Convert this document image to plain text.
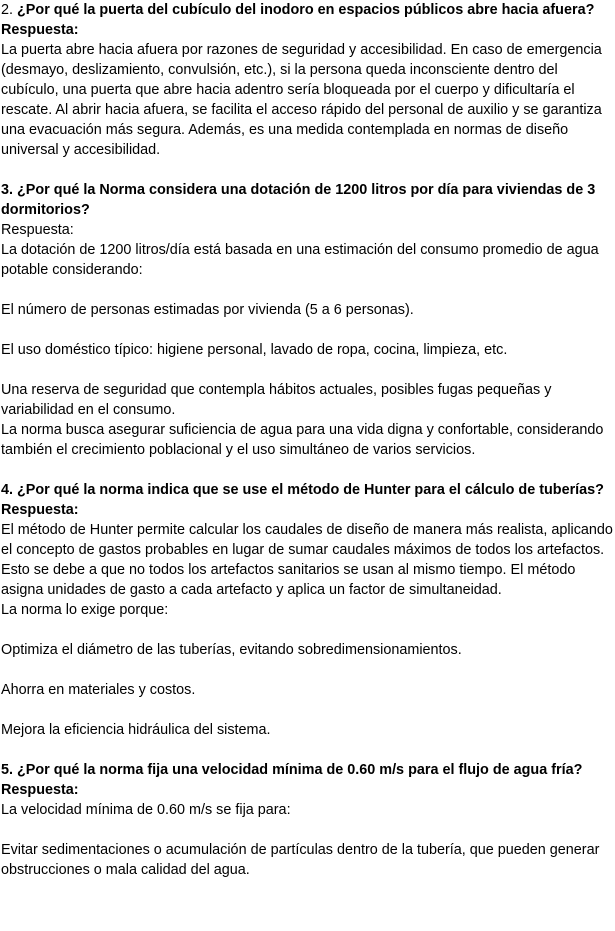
2. ¿Por qué la puerta del cubículo del inodoro en espacios públicos abre hacia afuera?

Respuesta:

La puerta abre hacia afuera por razones de seguridad y accesibilidad. En caso de emergencia (desmayo, deslizamiento, convulsión, etc.), si la persona queda inconsciente dentro del cubículo, una puerta que abre hacia adentro sería bloqueada por el cuerpo y dificultaría el rescate. Al abrir hacia afuera, se facilita el acceso rápido del personal de auxilio y se garantiza una evacuación más segura. Además, es una medida contemplada en normas de diseño universal y accesibilidad.

3. ¿Por qué la Norma considera una dotación de 1200 litros por día para viviendas de 3 dormitorios?

Respuesta:

La dotación de 1200 litros/día está basada en una estimación del consumo promedio de agua potable considerando:

El número de personas estimadas por vivienda (5 a 6 personas).

El uso doméstico típico: higiene personal, lavado de ropa, cocina, limpieza, etc.

Una reserva de seguridad que contempla hábitos actuales, posibles fugas pequeñas y variabilidad en el consumo.

La norma busca asegurar suficiencia de agua para una vida digna y confortable, considerando también el crecimiento poblacional y el uso simultáneo de varios servicios.

4. ¿Por qué la norma indica que se use el método de Hunter para el cálculo de tuberías?

Respuesta:

El método de Hunter permite calcular los caudales de diseño de manera más realista, aplicando el concepto de gastos probables en lugar de sumar caudales máximos de todos los artefactos. Esto se debe a que no todos los artefactos sanitarios se usan al mismo tiempo. El método asigna unidades de gasto a cada artefacto y aplica un factor de simultaneidad.

La norma lo exige porque:

Optimiza el diámetro de las tuberías, evitando sobredimensionamientos.

Ahorra en materiales y costos.

Mejora la eficiencia hidráulica del sistema.

5. ¿Por qué la norma fija una velocidad mínima de 0.60 m/s para el flujo de agua fría?

Respuesta:

La velocidad mínima de 0.60 m/s se fija para:

Evitar sedimentaciones o acumulación de partículas dentro de la tubería, que pueden generar obstrucciones o mala calidad del agua.
